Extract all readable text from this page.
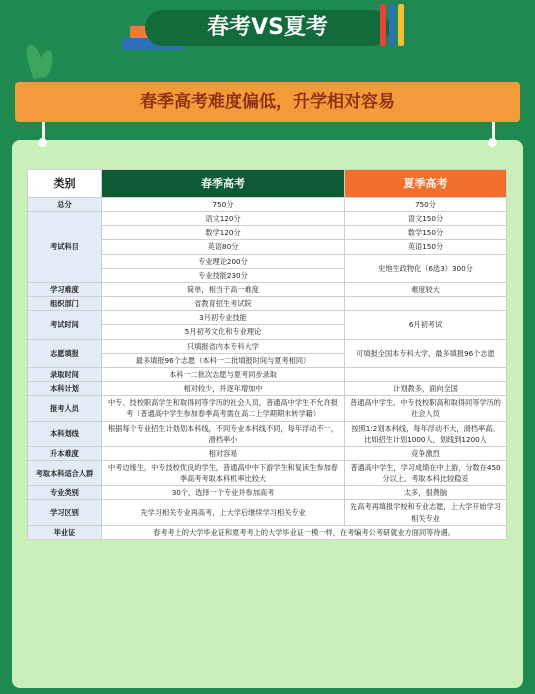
春考VS夏考
春季高考难度偏低，升学相对容易
类别	春季高考	夏季高考
总分	750分	750分
考试科目	语文120分	语文150分
	数学120分	数学150分
	英语80分	英语150分
	专业理论200分	史地生政物化（6选3）300分
	专业技能230分	
学习难度	简单，相当于高一难度	难度较大
组织部门	省教育招生考试院	
考试时间	3月初专业技能	6月初考试
	5月初考文化和专业理论	
志愿填报	只填报省内本专科大学	可填报全国本专科大学，最多填报96个志愿
	最多填报96个志愿（本科一二批填报时间与夏考相同）	
录取时间	本科一二批次志愿与夏考同步录取	
本科计划	相对较少，并逐年增加中	计划教多，面向全国
报考人员	中专、技校职高学生和取得同等学历的社会人员，普通高中学生不允许报考（普通高中学生参加春季高考需在高二上学期期末转学籍）	普通高中学生、中专技校职高和取得同等学历的社会人员
本科划线	根据每个专业招生计划划本科线，不同专业本科线不同，每年浮动不一，滑档率小	按照1:2划本科线，每年浮动不大，滑档率高。比如招生计划1000人，划线到1200人
升本难度	相对容易	竞争激烈
考取本科适合人群	中考边缘生，中专技校优良的学生，普通高中中下游学生和复读生参加春季高考考取本科机率比较大	普通高中学生，学习成绩在中上游，分数在450分以上，考取本科比较稳妥
专业类别	30个，选择一个专业并参加高考	太多，很费脑
学习区别	先学习相关专业再高考，上大学后继续学习相关专业	先高考再填报学校和专业志愿，上大学开始学习相关专业
毕业证	春考考上的大学毕业证和夏考考上的大学毕业证一模一样，在考编考公考研就业方面同等待遇。	
